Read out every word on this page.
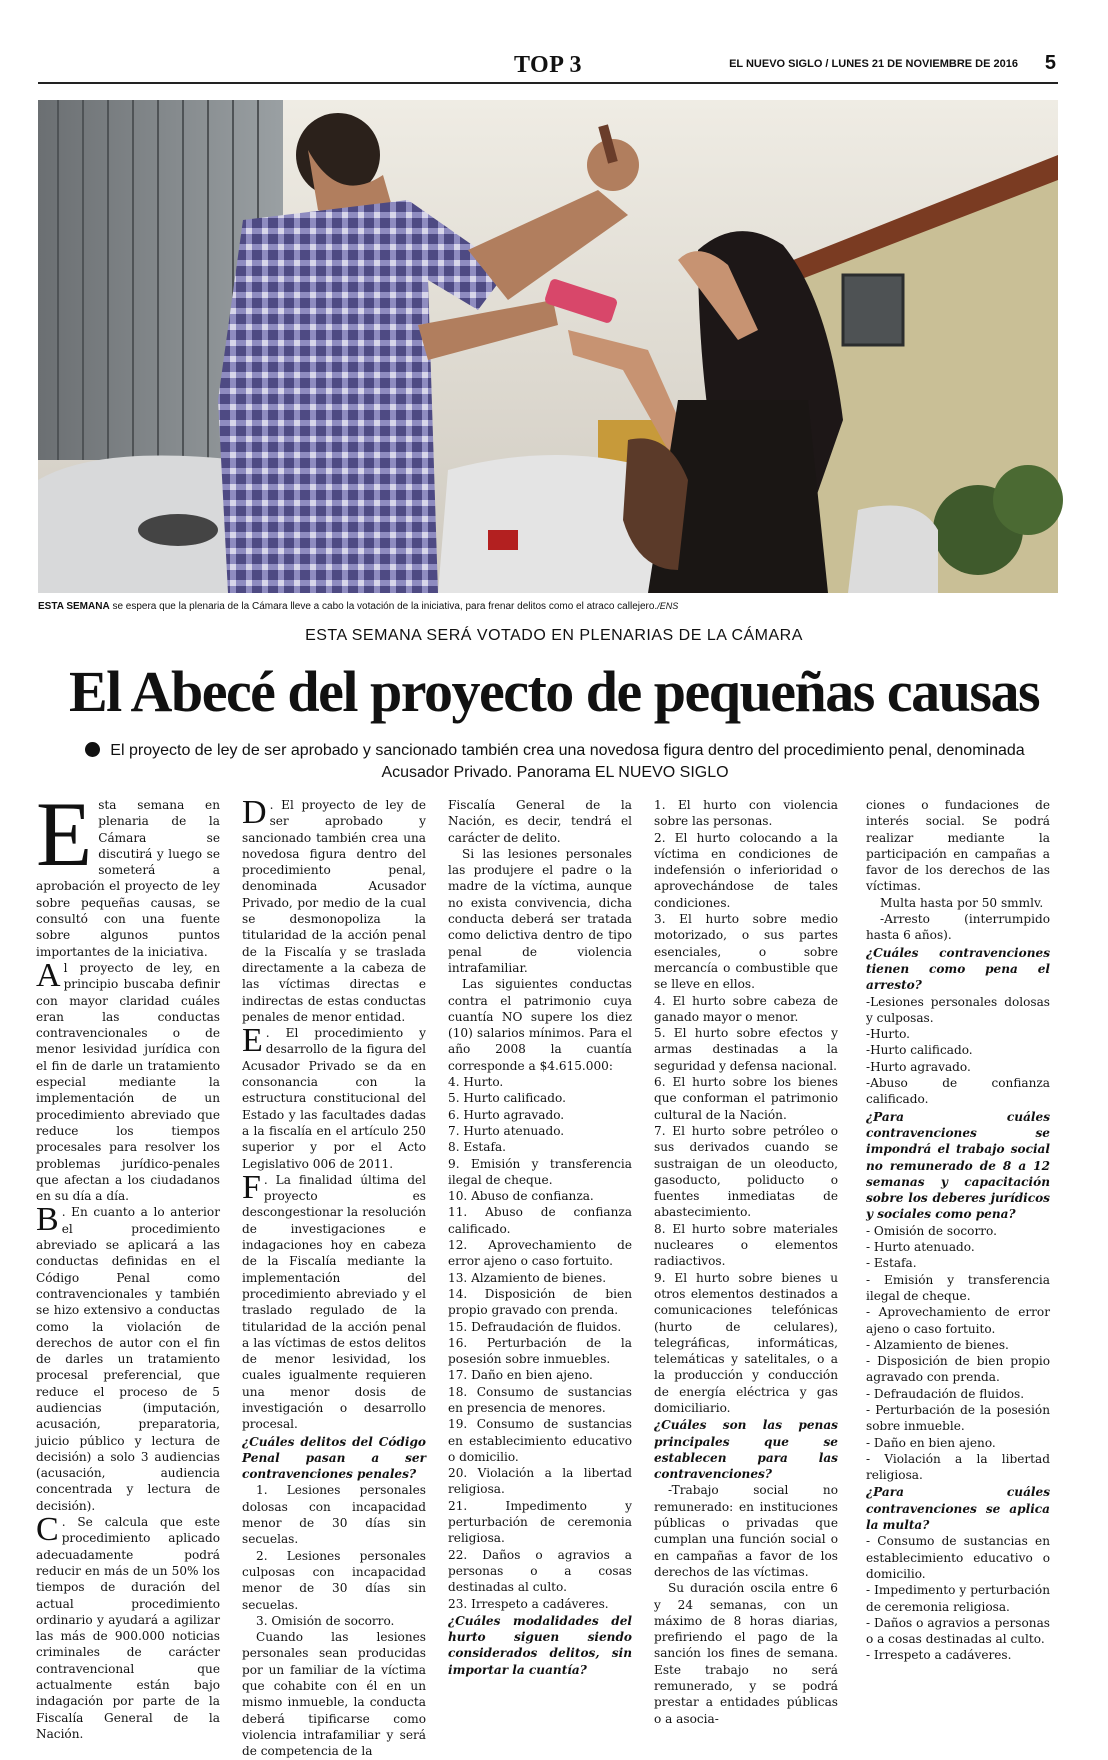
TOP 3	EL NUEVO SIGLO / LUNES 21 DE NOVIEMBRE DE 2016 5
ESTA SEMANA se espera que la plenaria de la Cámara lleve a cabo la votación de la iniciativa, para frenar delitos como el atraco callejero./ENS
ESTA SEMANA SERÁ VOTADO EN PLENARIAS DE LA CÁMARA
El Abecé del proyecto de pequeñas causas
El proyecto de ley de ser aprobado y sancionado también crea una novedosa figura dentro del procedimiento penal, denominada Acusador Privado. Panorama EL NUEVO SIGLO

Esta semana en plenaria de la Cámara se discutirá y luego se someterá a aprobación el proyecto de ley sobre pequeñas causas, se consultó con una fuente sobre algunos puntos importantes de la iniciativa.

Al proyecto de ley, en principio buscaba definir con mayor claridad cuáles eran las conductas contravencionales o de menor lesividad jurídica con el fin de darle un tratamiento especial mediante la implementación de un procedimiento abreviado que reduce los tiempos procesales para resolver los problemas jurídico-penales que afectan a los ciudadanos en su día a día.

B . En cuanto a lo anterior el procedimiento abreviado se aplicará a las conductas definidas en el Código Penal como contravencionales y también se hizo extensivo a conductas como la violación de derechos de autor con el fin de darles un tratamiento procesal preferencial, que reduce el proceso de 5 audiencias (imputación, acusación, preparatoria, juicio público y lectura de decisión) a solo 3 audiencias (acusación, audiencia concentrada y lectura de decisión).

C . Se calcula que este procedimiento aplicado adecuadamente podrá reducir en más de un 50% los tiempos de duración del actual procedimiento ordinario y ayudará a agilizar las más de 900.000 noticias criminales de carácter contravencional que actualmente están bajo indagación por parte de la Fiscalía General de la Nación.

D . El proyecto de ley de ser aprobado y sancionado también crea una novedosa figura dentro del procedimiento penal, denominada Acusador Privado, por medio de la cual se desmonopoliza la titularidad de la acción penal de la Fiscalía y se traslada directamente a la cabeza de las víctimas directas e indirectas de estas conductas penales de menor entidad.

E . El procedimiento y desarrollo de la figura del Acusador Privado se da en consonancia con la estructura constitucional del Estado y las facultades dadas a la fiscalía en el artículo 250 superior y por el Acto Legislativo 006 de 2011.

F . La finalidad última del proyecto es descongestionar la resolución de investigaciones e indagaciones hoy en cabeza de la Fiscalía mediante la implementación del procedimiento abreviado y el traslado regulado de la titularidad de la acción penal a las víctimas de estos delitos de menor lesividad, los cuales igualmente requieren una menor dosis de investigación o desarrollo procesal.

¿Cuáles delitos del Código Penal pasan a ser contravenciones penales?

1. Lesiones personales dolosas con incapacidad menor de 30 días sin secuelas.

2. Lesiones personales culposas con incapacidad menor de 30 días sin secuelas.

3. Omisión de socorro.

Cuando las lesiones personales sean producidas por un familiar de la víctima que cohabite con él en un mismo inmueble, la conducta deberá tipificarse como violencia intrafamiliar y será de competencia de la

Fiscalía General de la Nación, es decir, tendrá el carácter de delito.

Si las lesiones personales las produjere el padre o la madre de la víctima, aunque no exista convivencia, dicha conducta deberá ser tratada como delictiva dentro de tipo penal de violencia intrafamiliar.

Las siguientes conductas contra el patrimonio cuya cuantía NO supere los diez (10) salarios mínimos. Para el año 2008 la cuantía corresponde a $4.615.000:

4. Hurto.

5. Hurto calificado.

6. Hurto agravado.

7. Hurto atenuado.

8. Estafa.

9. Emisión y transferencia ilegal de cheque.

10. Abuso de confianza.

11. Abuso de confianza calificado.

12. Aprovechamiento de error ajeno o caso fortuito.

13. Alzamiento de bienes.

14. Disposición de bien propio gravado con prenda.

15. Defraudación de fluidos.

16. Perturbación de la posesión sobre inmuebles.

17. Daño en bien ajeno.

18. Consumo de sustancias en presencia de menores.

19. Consumo de sustancias en establecimiento educativo o domicilio.

20. Violación a la libertad religiosa.

21. Impedimento y perturbación de ceremonia religiosa.

22. Daños o agravios a personas o a cosas destinadas al culto.

23. Irrespeto a cadáveres.

¿Cuáles modalidades del hurto siguen siendo considerados delitos, sin importar la cuantía?

1. El hurto con violencia sobre las personas.

2. El hurto colocando a la víctima en condiciones de indefensión o inferioridad o aprovechándose de tales condiciones.

3. El hurto sobre medio motorizado, o sus partes esenciales, o sobre mercancía o combustible que se lleve en ellos.

4. El hurto sobre cabeza de ganado mayor o menor.

5. El hurto sobre efectos y armas destinadas a la seguridad y defensa nacional.

6. El hurto sobre los bienes que conforman el patrimonio cultural de la Nación.

7. El hurto sobre petróleo o sus derivados cuando se sustraigan de un oleoducto, gasoducto, poliducto o fuentes inmediatas de abastecimiento.

8. El hurto sobre materiales nucleares o elementos radiactivos.

9. El hurto sobre bienes u otros elementos destinados a comunicaciones telefónicas (hurto de celulares), telegráficas, informáticas, telemáticas y satelitales, o a la producción y conducción de energía eléctrica y gas domiciliario.

¿Cuáles son las penas principales que se establecen para las contravenciones?

-Trabajo social no remunerado: en instituciones públicas o privadas que cumplan una función social o en campañas a favor de los derechos de las víctimas.

Su duración oscila entre 6 y 24 semanas, con un máximo de 8 horas diarias, prefiriendo el pago de la sanción los fines de semana. Este trabajo no será remunerado, y se podrá prestar a entidades públicas o a asocia-

ciones o fundaciones de interés social. Se podrá realizar mediante la participación en campañas a favor de los derechos de las víctimas.

Multa hasta por 50 smmlv.

-Arresto (interrumpido hasta 6 años).

¿Cuáles contravenciones tienen como pena el arresto?

-Lesiones personales dolosas y culposas.

-Hurto.

-Hurto calificado.

-Hurto agravado.

-Abuso de confianza calificado.

¿Para cuáles contravenciones se impondrá el trabajo social no remunerado de 8 a 12 semanas y capacitación sobre los deberes jurídicos y sociales como pena?

- Omisión de socorro.

- Hurto atenuado.

- Estafa.

- Emisión y transferencia ilegal de cheque.

- Aprovechamiento de error ajeno o caso fortuito.

- Alzamiento de bienes.

- Disposición de bien propio agravado con prenda.

- Defraudación de fluidos.

- Perturbación de la posesión sobre inmueble.

- Daño en bien ajeno.

- Violación a la libertad religiosa.

¿Para cuáles contravenciones se aplica la multa?

- Consumo de sustancias en establecimiento educativo o domicilio.

- Impedimento y perturbación de ceremonia religiosa.

- Daños o agravios a personas o a cosas destinadas al culto.

- Irrespeto a cadáveres.
